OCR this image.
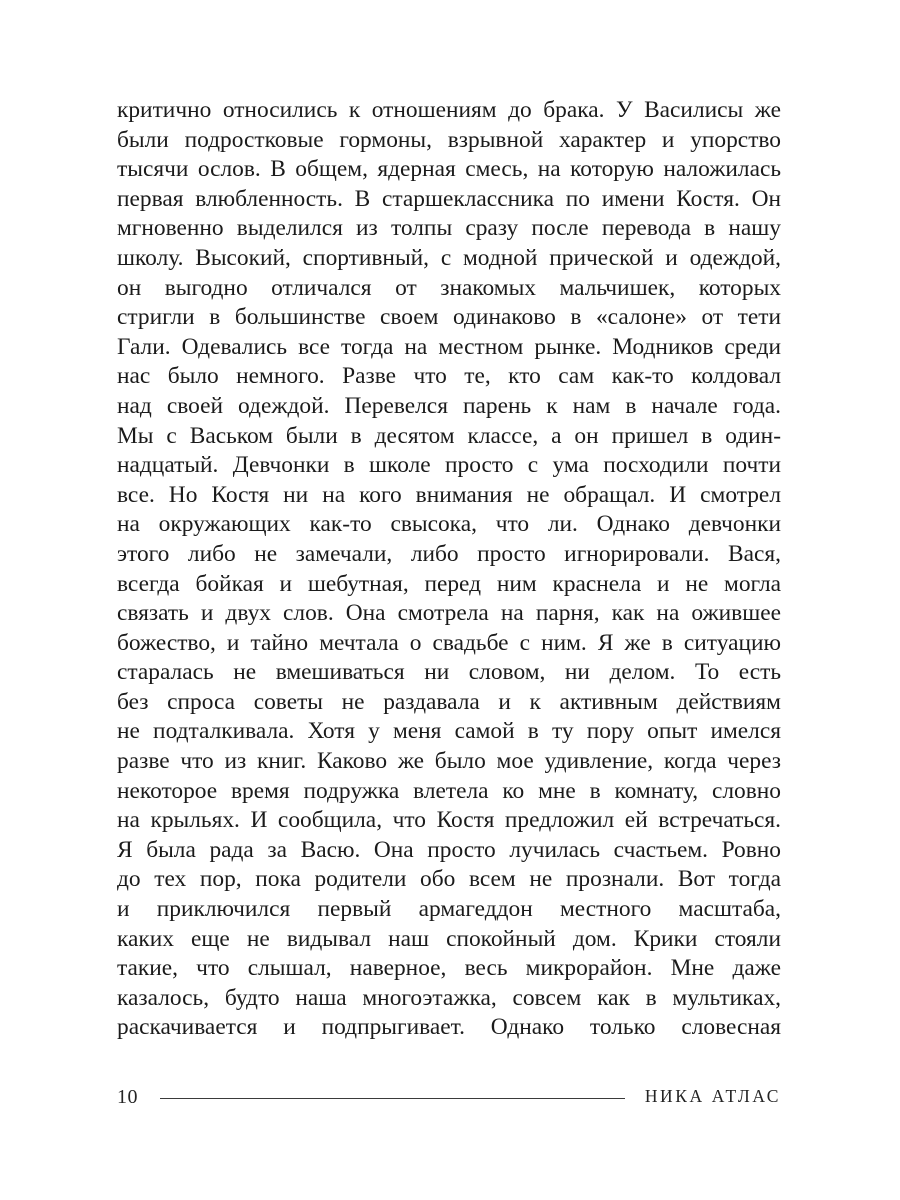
критично относились к отношениям до брака. У Василисы же
были подростковые гормоны, взрывной характер и упорство
тысячи ослов. В общем, ядерная смесь, на которую наложилась
первая влюбленность. В старшеклассника по имени Костя. Он
мгновенно выделился из толпы сразу после перевода в нашу
школу. Высокий, спортивный, с модной прической и одеждой,
он выгодно отличался от знакомых мальчишек, которых
стригли в большинстве своем одинаково в «салоне» от тети
Гали. Одевались все тогда на местном рынке. Модников среди
нас было немного. Разве что те, кто сам как-то колдовал
над своей одеждой. Перевелся парень к нам в начале года.
Мы с Васьком были в десятом классе, а он пришел в один-
надцатый. Девчонки в школе просто с ума посходили почти
все. Но Костя ни на кого внимания не обращал. И смотрел
на окружающих как-то свысока, что ли. Однако девчонки
этого либо не замечали, либо просто игнорировали. Вася,
всегда бойкая и шебутная, перед ним краснела и не могла
связать и двух слов. Она смотрела на парня, как на ожившее
божество, и тайно мечтала о свадьбе с ним. Я же в ситуацию
старалась не вмешиваться ни словом, ни делом. То есть
без спроса советы не раздавала и к активным действиям
не подталкивала. Хотя у меня самой в ту пору опыт имелся
разве что из книг. Каково же было мое удивление, когда через
некоторое время подружка влетела ко мне в комнату, словно
на крыльях. И сообщила, что Костя предложил ей встречаться.
Я была рада за Васю. Она просто лучилась счастьем. Ровно
до тех пор, пока родители обо всем не прознали. Вот тогда
и приключился первый армагеддон местного масштаба,
каких еще не видывал наш спокойный дом. Крики стояли
такие, что слышал, наверное, весь микрорайон. Мне даже
казалось, будто наша многоэтажка, совсем как в мультиках,
раскачивается и подпрыгивает. Однако только словесная
10	НИКА АТЛАС
